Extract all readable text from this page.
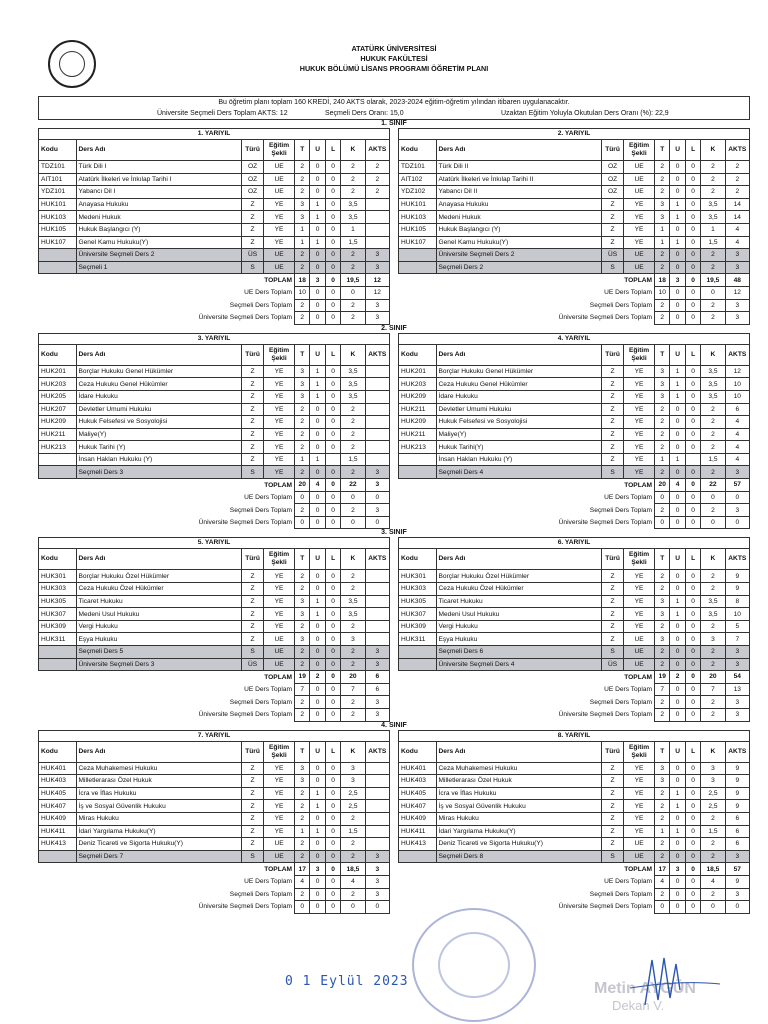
ATATÜRK ÜNİVERSİTESİ
HUKUK FAKÜLTESİ
HUKUK BÖLÜMÜ LİSANS PROGRAMI ÖĞRETİM PLANI
Bu öğretim planı toplam 160 KREDİ, 240 AKTS olarak, 2023-2024 eğitim-öğretim yılından itibaren uygulanacaktır.
Üniversite Seçmeli Ders Toplam AKTS: 12	Seçmeli Ders Oranı: 15,0	Uzaktan Eğitim Yoluyla Okutulan Ders Oranı (%): 22,9
1. SINIF
1. YARIYIL								
Kodu	Ders Adı	Türü	Eğitim Şekli	T	U	L	K	AKTS
TDZ101	Türk Dili I	OZ	UE	2	0	0	2	2
AIT101	Atatürk İlkeleri ve İnkılap Tarihi I	OZ	UE	2	0	0	2	2
YDZ101	Yabancı Dil I	OZ	UE	2	0	0	2	2
HUK101	Anayasa Hukuku	Z	YE	3	1	0	3,5	
HUK103	Medeni Hukuk	Z	YE	3	1	0	3,5	
HUK105	Hukuk Başlangıcı (Y)	Z	YE	1	0	0	1	
HUK107	Genel Kamu Hukuku(Y)	Z	YE	1	1	0	1,5	
	Üniversite Seçmeli Ders 2	ÜS	UE	2	0	0	2	3
	Seçmeli 1	S	UE	2	0	0	2	3
TOPLAM				18	3	0	19,5	12
UE Ders Toplam				10	0	0	0	12
Seçmeli Ders Toplam				2	0	0	2	3
Üniversite Seçmeli Ders Toplam				2	0	0	2	3
2. YARIYIL								
Kodu	Ders Adı	Türü	Eğitim Şekli	T	U	L	K	AKTS
TDZ101	Türk Dili II	OZ	UE	2	0	0	2	2
AIT102	Atatürk İlkeleri ve İnkılap Tarihi II	OZ	UE	2	0	0	2	2
YDZ102	Yabancı Dil II	OZ	UE	2	0	0	2	2
HUK101	Anayasa Hukuku	Z	YE	3	1	0	3,5	14
HUK103	Medeni Hukuk	Z	YE	3	1	0	3,5	14
HUK105	Hukuk Başlangıcı (Y)	Z	YE	1	0	0	1	4
HUK107	Genel Kamu Hukuku(Y)	Z	YE	1	1	0	1,5	4
	Üniversite Seçmeli Ders 2	ÜS	UE	2	0	0	2	3
	Seçmeli Ders 2	S	UE	2	0	0	2	3
TOPLAM				18	3	0	19,5	48
UE Ders Toplam				10	0	0	0	12
Seçmeli Ders Toplam				2	0	0	2	3
Üniversite Seçmeli Ders Toplam				2	0	0	2	3
2. SINIF
3. YARIYIL								
Kodu	Ders Adı	Türü	Eğitim Şekli	T	U	L	K	AKTS
HUK201	Borçlar Hukuku Genel Hükümler	Z	YE	3	1	0	3,5	
HUK203	Ceza Hukuku Genel Hükümler	Z	YE	3	1	0	3,5	
HUK205	İdare Hukuku	Z	YE	3	1	0	3,5	
HUK207	Devletler Umumi Hukuku	Z	YE	2	0	0	2	
HUK209	Hukuk Felsefesi ve Sosyolojisi	Z	YE	2	0	0	2	
HUK211	Maliye(Y)	Z	YE	2	0	0	2	
HUK213	Hukuk Tarihi (Y)	Z	YE	2	0	0	2	
	İnsan Hakları Hukuku (Y)	Z	YE	1	1		1,5	
	Seçmeli Ders 3	S	YE	2	0	0	2	3
TOPLAM				20	4	0	22	3
UE Ders Toplam				0	0	0	0	0
Seçmeli Ders Toplam				2	0	0	2	3
Üniversite Seçmeli Ders Toplam				0	0	0	0	0
4. YARIYIL								
Kodu	Ders Adı	Türü	Eğitim Şekli	T	U	L	K	AKTS
HUK201	Borçlar Hukuku Genel Hükümler	Z	YE	3	1	0	3,5	12
HUK203	Ceza Hukuku Genel Hükümler	Z	YE	3	1	0	3,5	10
HUK209	İdare Hukuku	Z	YE	3	1	0	3,5	10
HUK211	Devletler Umumi Hukuku	Z	YE	2	0	0	2	6
HUK209	Hukuk Felsefesi ve Sosyolojisi	Z	YE	2	0	0	2	4
HUK211	Maliye(Y)	Z	YE	2	0	0	2	4
HUK213	Hukuk Tarihi(Y)	Z	YE	2	0	0	2	4
	İnsan Hakları Hukuku (Y)	Z	YE	1	1		1,5	4
	Seçmeli Ders 4	S	YE	2	0	0	2	3
TOPLAM				20	4	0	22	57
UE Ders Toplam				0	0	0	0	0
Seçmeli Ders Toplam				2	0	0	2	3
Üniversite Seçmeli Ders Toplam				0	0	0	0	0
3. SINIF
5. YARIYIL								
Kodu	Ders Adı	Türü	Eğitim Şekli	T	U	L	K	AKTS
HUK301	Borçlar Hukuku Özel Hükümler	Z	YE	2	0	0	2	
HUK303	Ceza Hukuku Özel Hükümler	Z	YE	2	0	0	2	
HUK305	Ticaret Hukuku	Z	YE	3	1	0	3,5	
HUK307	Medeni Usul Hukuku	Z	YE	3	1	0	3,5	
HUK309	Vergi Hukuku	Z	YE	2	0	0	2	
HUK311	Eşya Hukuku	Z	UE	3	0	0	3	
	Seçmeli Ders 5	S	UE	2	0	0	2	3
	Üniversite Seçmeli Ders 3	ÜS	UE	2	0	0	2	3
TOPLAM				19	2	0	20	6
UE Ders Toplam				7	0	0	7	6
Seçmeli Ders Toplam				2	0	0	2	3
Üniversite Seçmeli Ders Toplam				2	0	0	2	3
6. YARIYIL								
Kodu	Ders Adı	Türü	Eğitim Şekli	T	U	L	K	AKTS
HUK301	Borçlar Hukuku Özel Hükümler	Z	YE	2	0	0	2	9
HUK303	Ceza Hukuku Özel Hükümler	Z	YE	2	0	0	2	9
HUK305	Ticaret Hukuku	Z	YE	3	1	0	3,5	8
HUK307	Medeni Usul Hukuku	Z	YE	3	1	0	3,5	10
HUK309	Vergi Hukuku	Z	YE	2	0	0	2	5
HUK311	Eşya Hukuku	Z	UE	3	0	0	3	7
	Seçmeli Ders 6	S	UE	2	0	0	2	3
	Üniversite Seçmeli Ders 4	ÜS	UE	2	0	0	2	3
TOPLAM				19	2	0	20	54
UE Ders Toplam				7	0	0	7	13
Seçmeli Ders Toplam				2	0	0	2	3
Üniversite Seçmeli Ders Toplam				2	0	0	2	3
4. SINIF
7. YARIYIL								
Kodu	Ders Adı	Türü	Eğitim Şekli	T	U	L	K	AKTS
HUK401	Ceza Muhakemesi Hukuku	Z	YE	3	0	0	3	
HUK403	Milletlerarası Özel Hukuk	Z	YE	3	0	0	3	
HUK405	İcra ve İflas Hukuku	Z	YE	2	1	0	2,5	
HUK407	İş ve Sosyal Güvenlik Hukuku	Z	YE	2	1	0	2,5	
HUK409	Miras Hukuku	Z	YE	2	0	0	2	
HUK411	İdari Yargılama Hukuku(Y)	Z	YE	1	1	0	1,5	
HUK413	Deniz Ticareti ve Sigorta Hukuku(Y)	Z	UE	2	0	0	2	
	Seçmeli Ders 7	S	UE	2	0	0	2	3
TOPLAM				17	3	0	18,5	3
UE Ders Toplam				4	0	0	4	3
Seçmeli Ders Toplam				2	0	0	2	3
Üniversite Seçmeli Ders Toplam				0	0	0	0	0
8. YARIYIL								
Kodu	Ders Adı	Türü	Eğitim Şekli	T	U	L	K	AKTS
HUK401	Ceza Muhakemesi Hukuku	Z	YE	3	0	0	3	9
HUK403	Milletlerarası Özel Hukuk	Z	YE	3	0	0	3	9
HUK405	İcra ve İflas Hukuku	Z	YE	2	1	0	2,5	9
HUK407	İş ve Sosyal Güvenlik Hukuku	Z	YE	2	1	0	2,5	9
HUK409	Miras Hukuku	Z	YE	2	0	0	2	6
HUK411	İdari Yargılama Hukuku(Y)	Z	YE	1	1	0	1,5	6
HUK413	Deniz Ticareti ve Sigorta Hukuku(Y)	Z	UE	2	0	0	2	6
	Seçmeli Ders 8	S	UE	2	0	0	2	3
TOPLAM				17	3	0	18,5	57
UE Ders Toplam				4	0	0	4	9
Seçmeli Ders Toplam				2	0	0	2	3
Üniversite Seçmeli Ders Toplam				0	0	0	0	0
0 1 Eylül 2023	Metin AYGÜN
Dekan V.
